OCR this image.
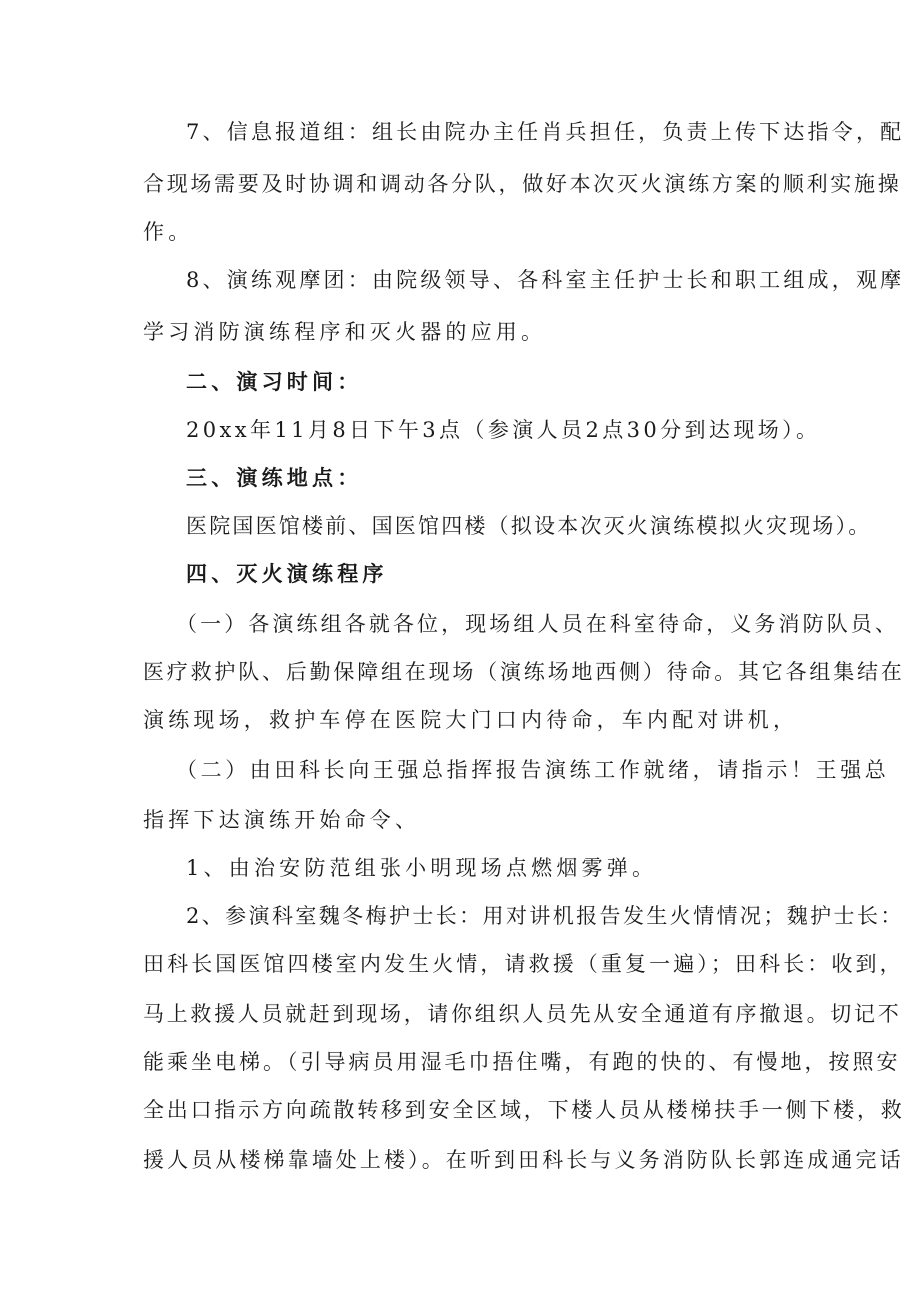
7、信息报道组：组长由院办主任肖兵担任，负责上传下达指令，配
合现场需要及时协调和调动各分队，做好本次灭火演练方案的顺利实施操
作。
8、演练观摩团：由院级领导、各科室主任护士长和职工组成，观摩
学习消防演练程序和灭火器的应用。
二、演习时间：
20xx年11月8日下午3点（参演人员2点30分到达现场）。
三、演练地点：
医院国医馆楼前、国医馆四楼（拟设本次灭火演练模拟火灾现场）。
四、灭火演练程序
（一）各演练组各就各位，现场组人员在科室待命，义务消防队员、
医疗救护队、后勤保障组在现场（演练场地西侧）待命。其它各组集结在
演练现场，救护车停在医院大门口内待命，车内配对讲机，
（二）由田科长向王强总指挥报告演练工作就绪，请指示！王强总
指挥下达演练开始命令、
1、由治安防范组张小明现场点燃烟雾弹。
2、参演科室魏冬梅护士长：用对讲机报告发生火情情况；魏护士长：
田科长国医馆四楼室内发生火情，请救援（重复一遍）；田科长：收到，
马上救援人员就赶到现场，请你组织人员先从安全通道有序撤退。切记不
能乘坐电梯。（引导病员用湿毛巾捂住嘴，有跑的快的、有慢地，按照安
全出口指示方向疏散转移到安全区域，下楼人员从楼梯扶手一侧下楼，救
援人员从楼梯靠墙处上楼）。在听到田科长与义务消防队长郭连成通完话
